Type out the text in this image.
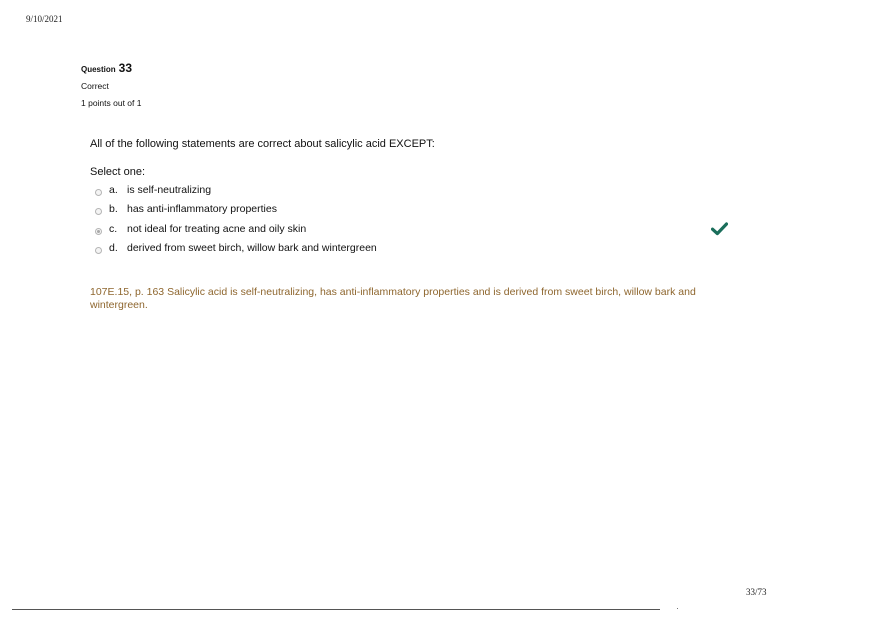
9/10/2021
Question 33
Correct
1 points out of 1
All of the following statements are correct about salicylic acid EXCEPT:
Select one:
a. is self-neutralizing
b. has anti-inflammatory properties
c. not ideal for treating acne and oily skin
d. derived from sweet birch, willow bark and wintergreen
107E.15, p. 163 Salicylic acid is self-neutralizing, has anti-inflammatory properties and is derived from sweet birch, willow bark and wintergreen.
33/73
